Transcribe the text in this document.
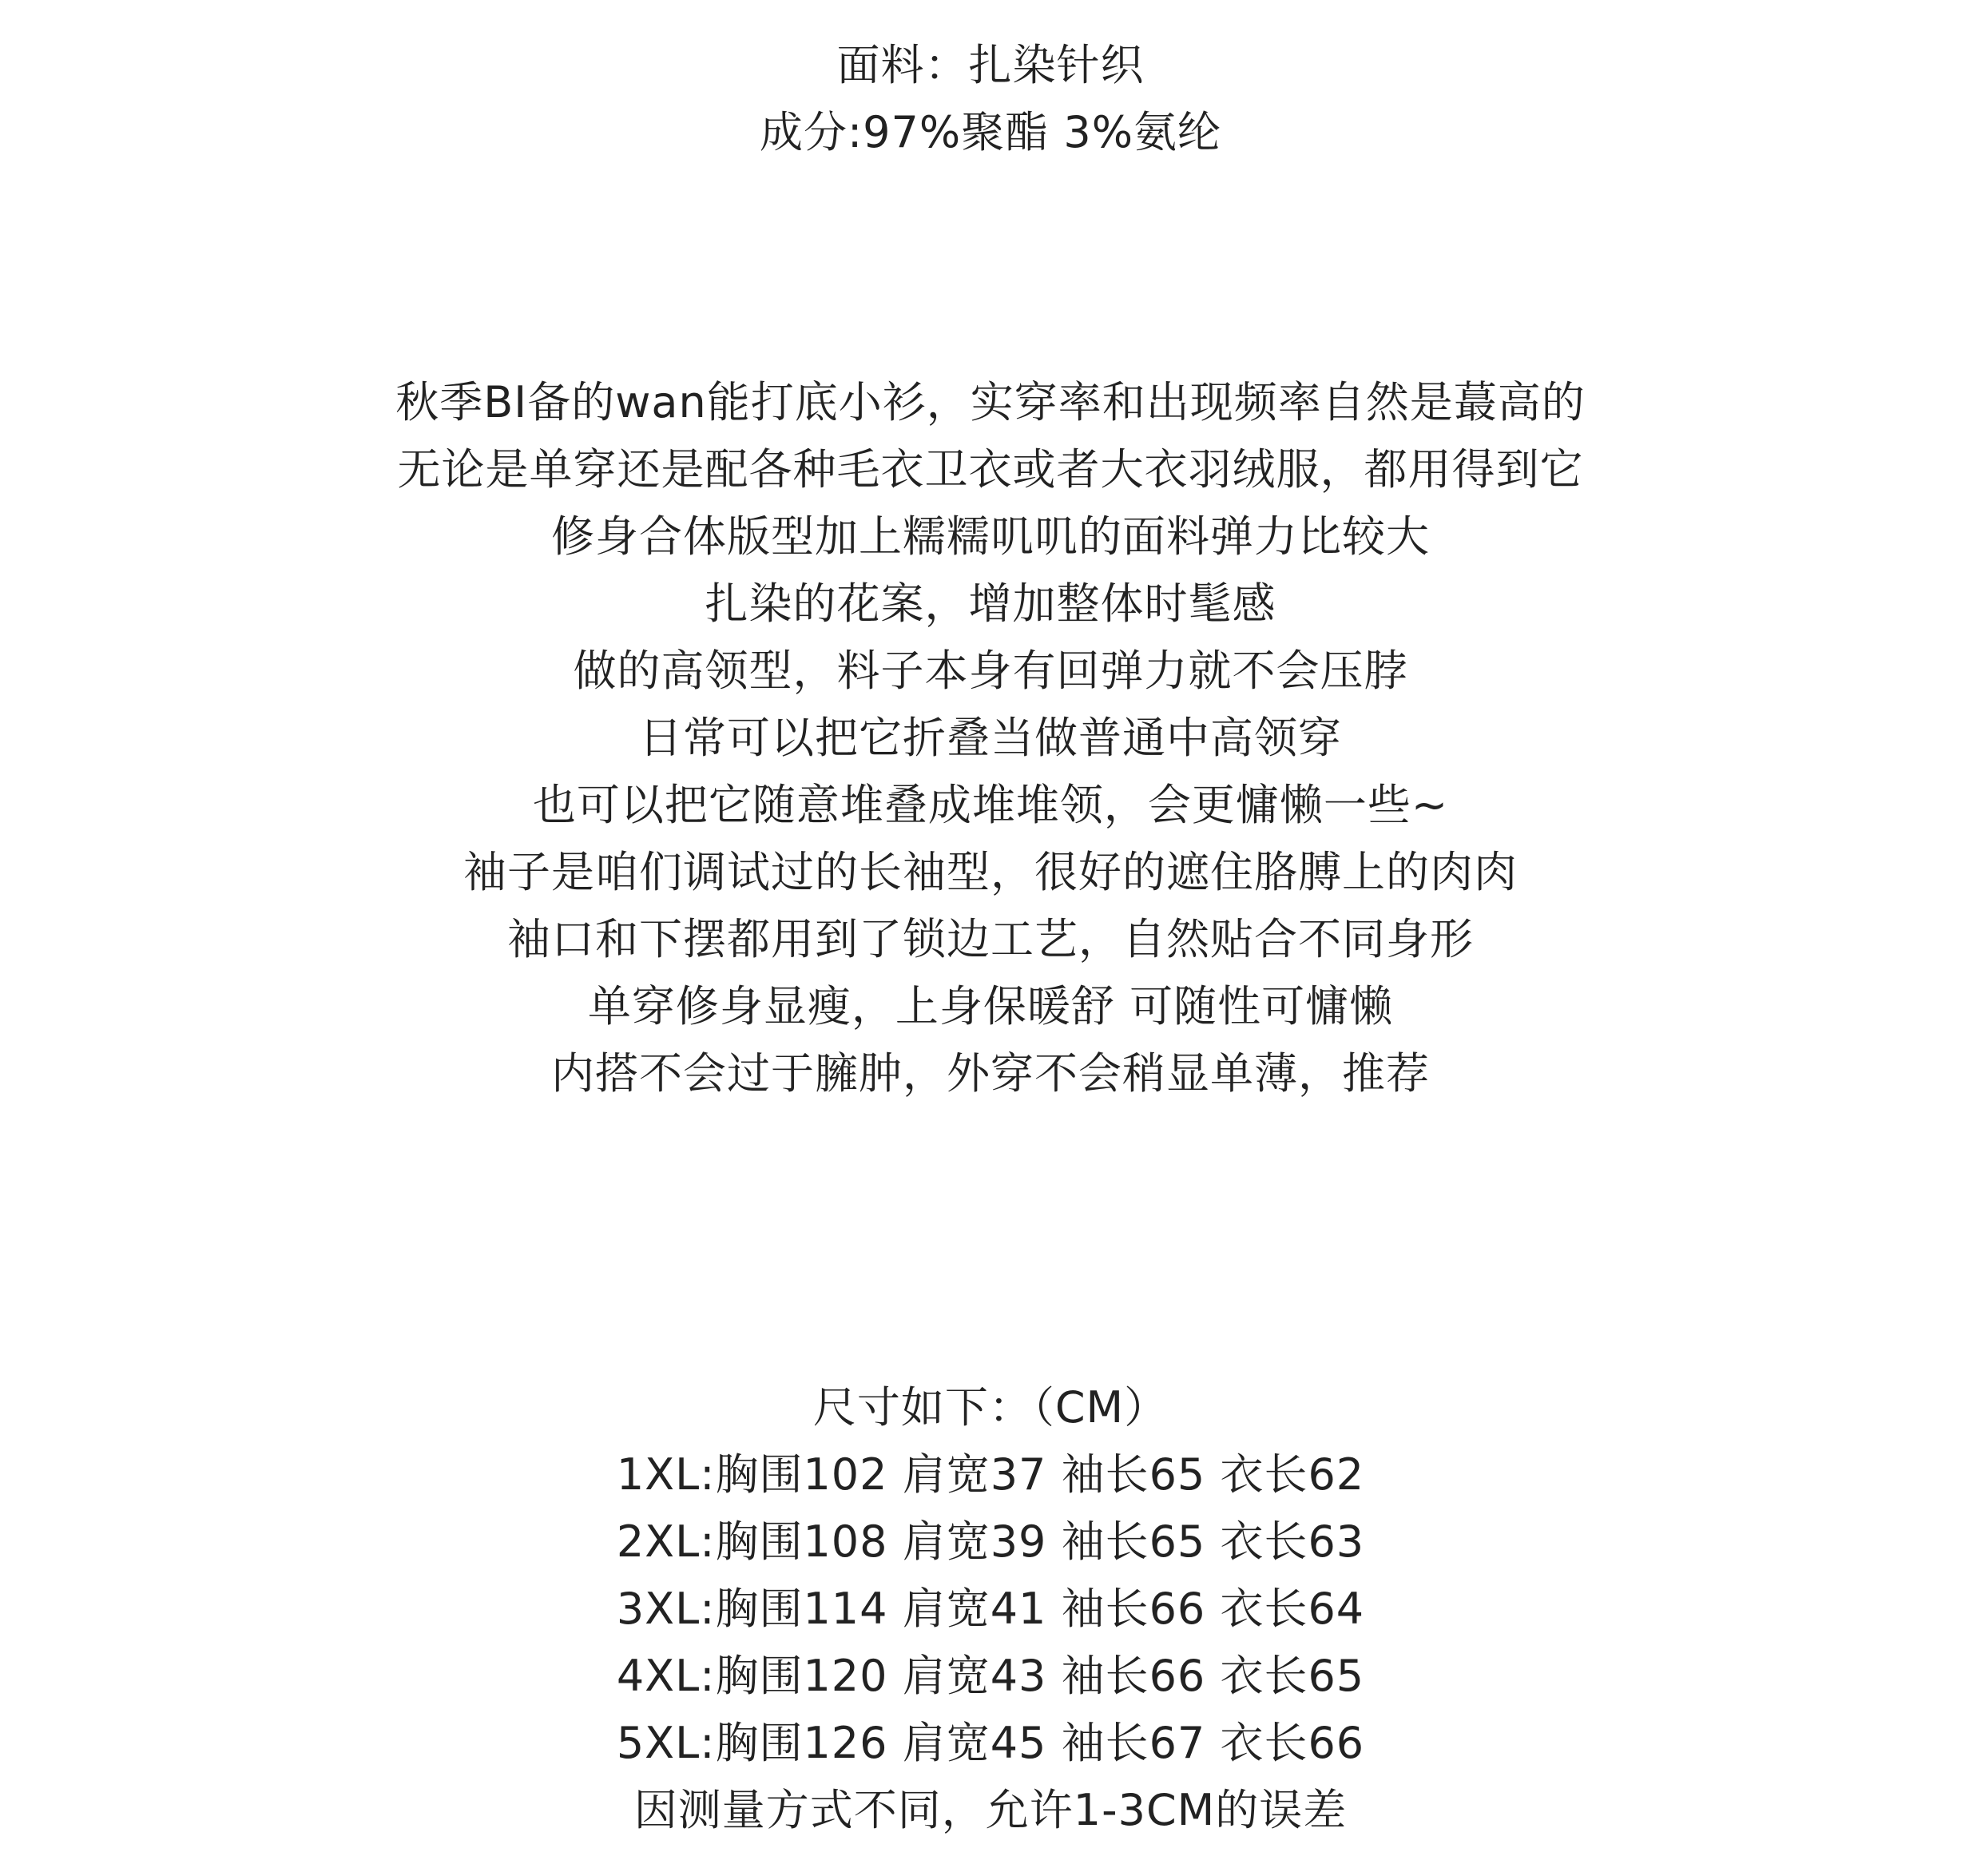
面料：扎染针织
成分:97%聚酯 3%氨纶
秋季BI备的wan能打底小衫，实穿率和出现频率自然是蕞高的
无论是单穿还是配各种毛衣卫衣或者大衣羽绒服，都用得到它
修身合体版型加上糯糯叽叽的面料弹力比较大
扎染的花案，增加整体时髦感
做的高领型，料子本身有回弹力就不会压脖
日常可以把它折叠当做普通中高领穿
也可以把它随意堆叠成堆堆领，会更慵懒一些~
袖子是咱们调试过的长袖型，很好的遮住胳膊上的肉肉
袖口和下摆都用到了锁边工艺，自然贴合不同身形
单穿修身显瘦，上身保暖舒 可随性可慵懒
内搭不会过于臃肿，外穿不会稍显单薄，推荐
尺寸如下：（CM）
1XL:胸围102 肩宽37 袖长65 衣长62
2XL:胸围108 肩宽39 袖长65 衣长63
3XL:胸围114 肩宽41 袖长66 衣长64
4XL:胸围120 肩宽43 袖长66 衣长65
5XL:胸围126 肩宽45 袖长67 衣长66
因测量方式不同，允许1-3CM的误差
